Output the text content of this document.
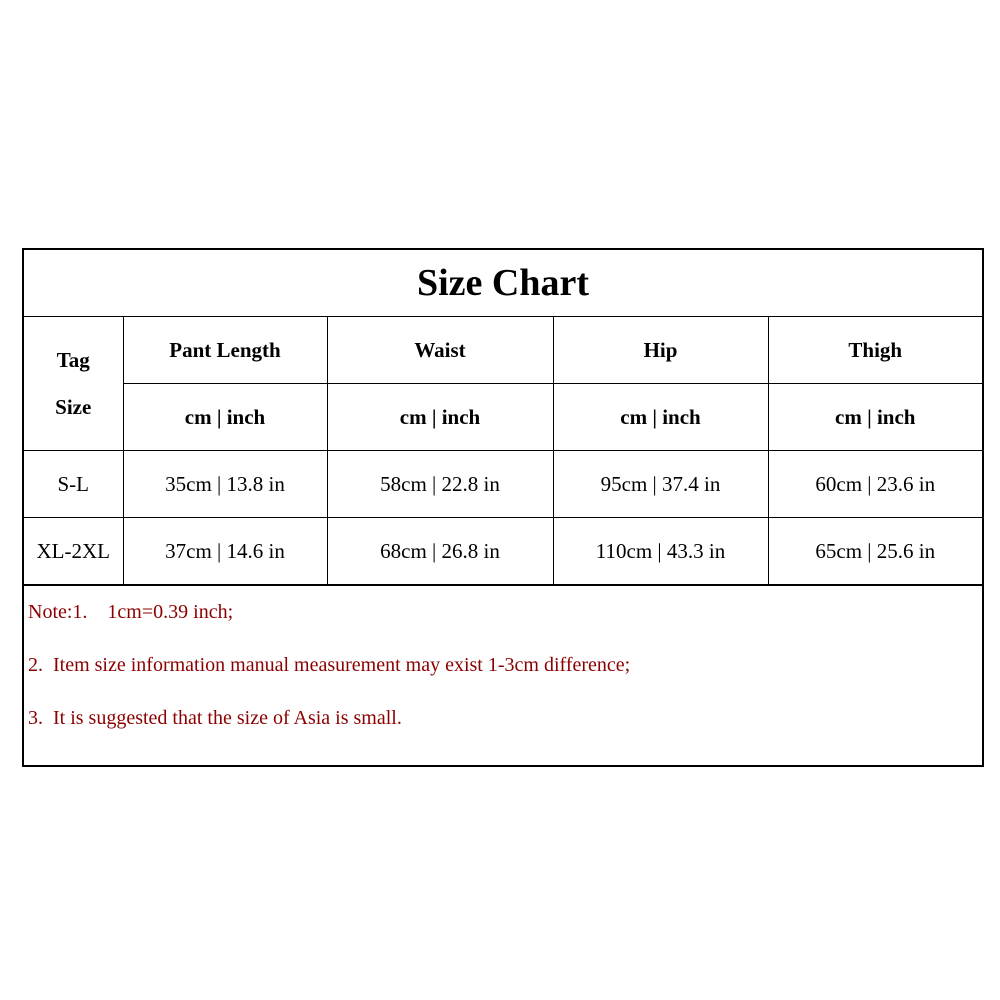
Size Chart
Tag
Size	Pant Length	Waist	Hip	Thigh
	cm | inch	cm | inch	cm | inch	cm | inch
S-L	35cm | 13.8 in	58cm | 22.8 in	95cm | 37.4 in	60cm | 23.6 in
XL-2XL	37cm | 14.6 in	68cm | 26.8 in	110cm | 43.3 in	65cm | 25.6 in

Note:1.    1cm=0.39 inch;

2.  Item size information manual measurement may exist 1-3cm difference;

3.  It is suggested that the size of Asia is small.
